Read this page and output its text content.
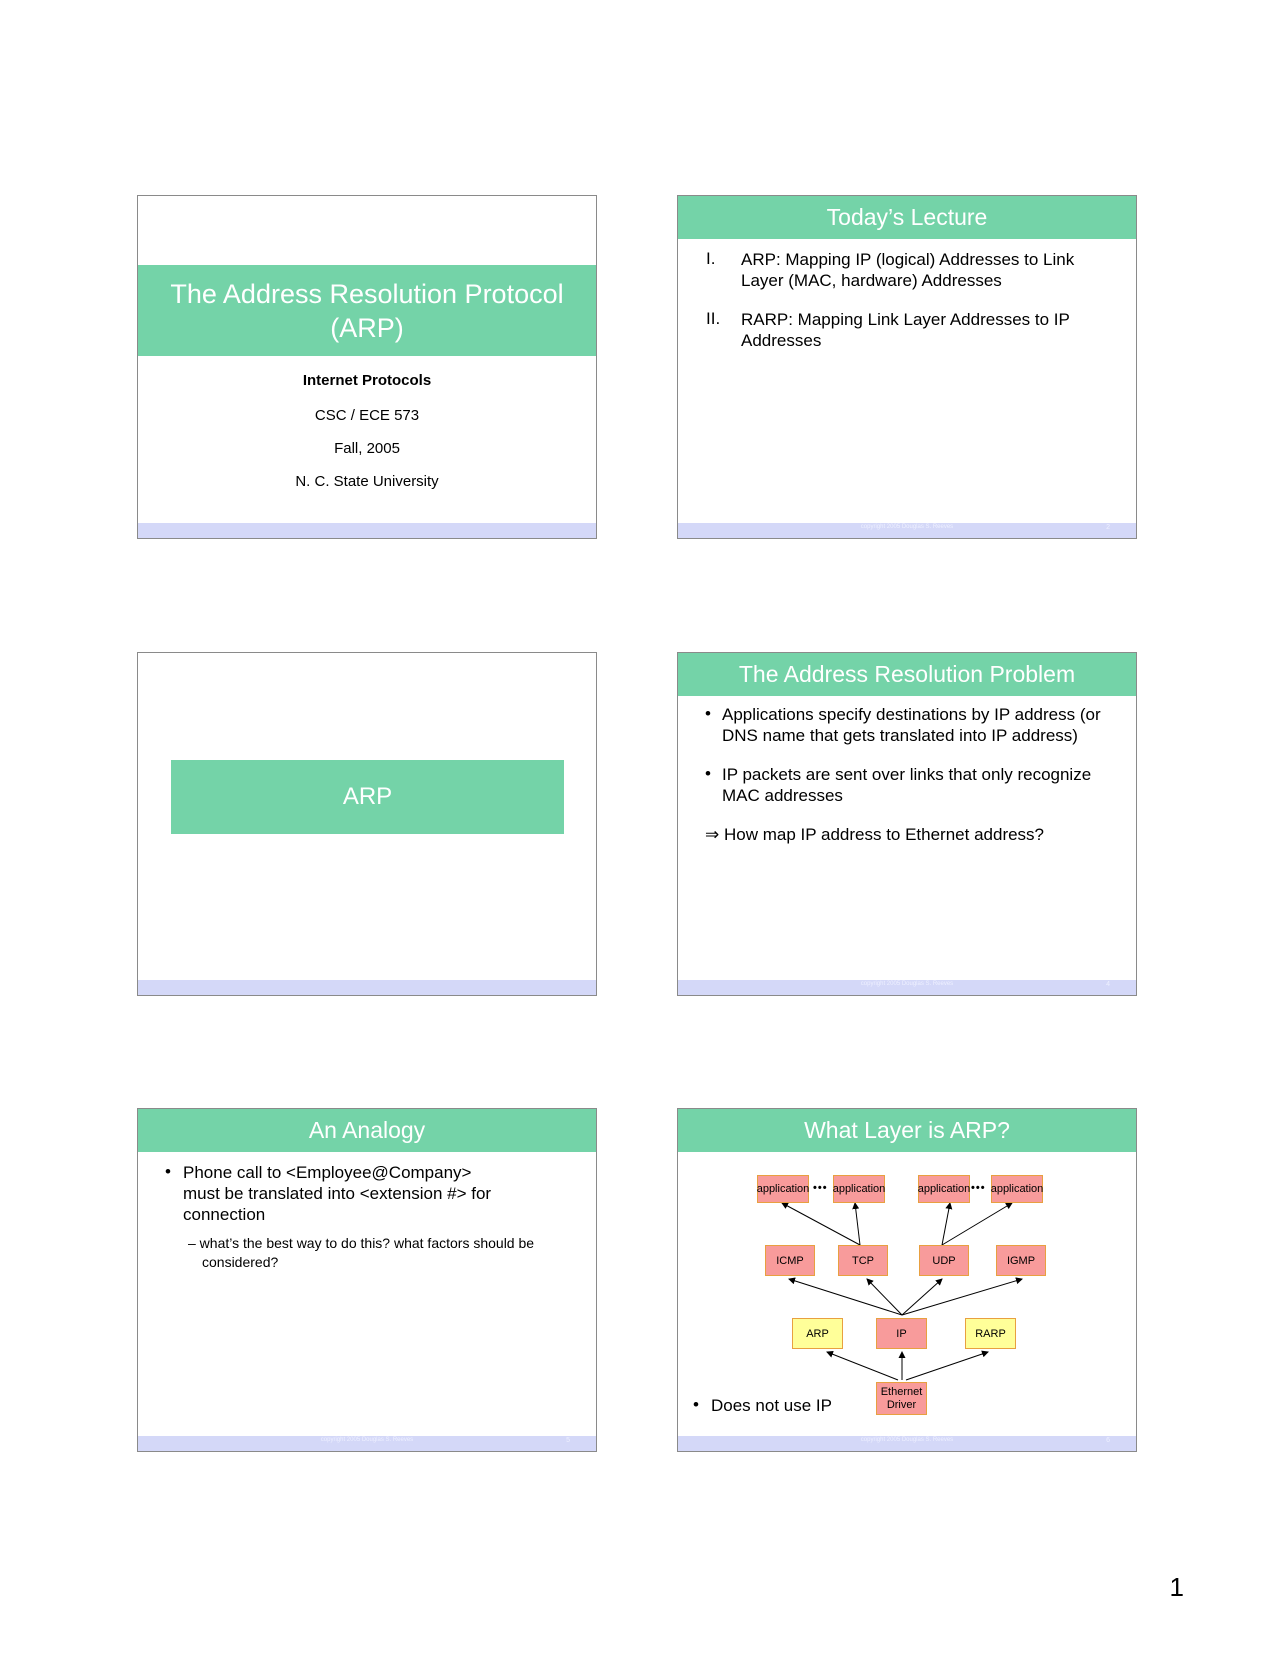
The Address Resolution Protocol (ARP)
Internet Protocols
CSC / ECE 573
Fall, 2005
N. C. State University
Today’s Lecture
I. ARP: Mapping IP (logical) Addresses to Link
Layer (MAC, hardware) Addresses
II. RARP: Mapping Link Layer Addresses to IP
Addresses
copyright 2005 Douglas S. Reeves	2
ARP
The Address Resolution Problem
• Applications specify destinations by IP address (or
DNS name that gets translated into IP address)
• IP packets are sent over links that only recognize
MAC addresses
⇒ How map IP address to Ethernet address?
copyright 2005 Douglas S. Reeves	4
An Analogy
• Phone call to <Employee@Company>
must be translated into <extension #> for
connection
– what’s the best way to do this? what factors should be
considered?
copyright 2005 Douglas S. Reeves	5
What Layer is ARP?
application ••• application	application ••• application
ICMP	TCP	UDP	IGMP
ARP	IP	RARP
Ethernet
Driver
• Does not use IP
copyright 2005 Douglas S. Reeves	6
1
